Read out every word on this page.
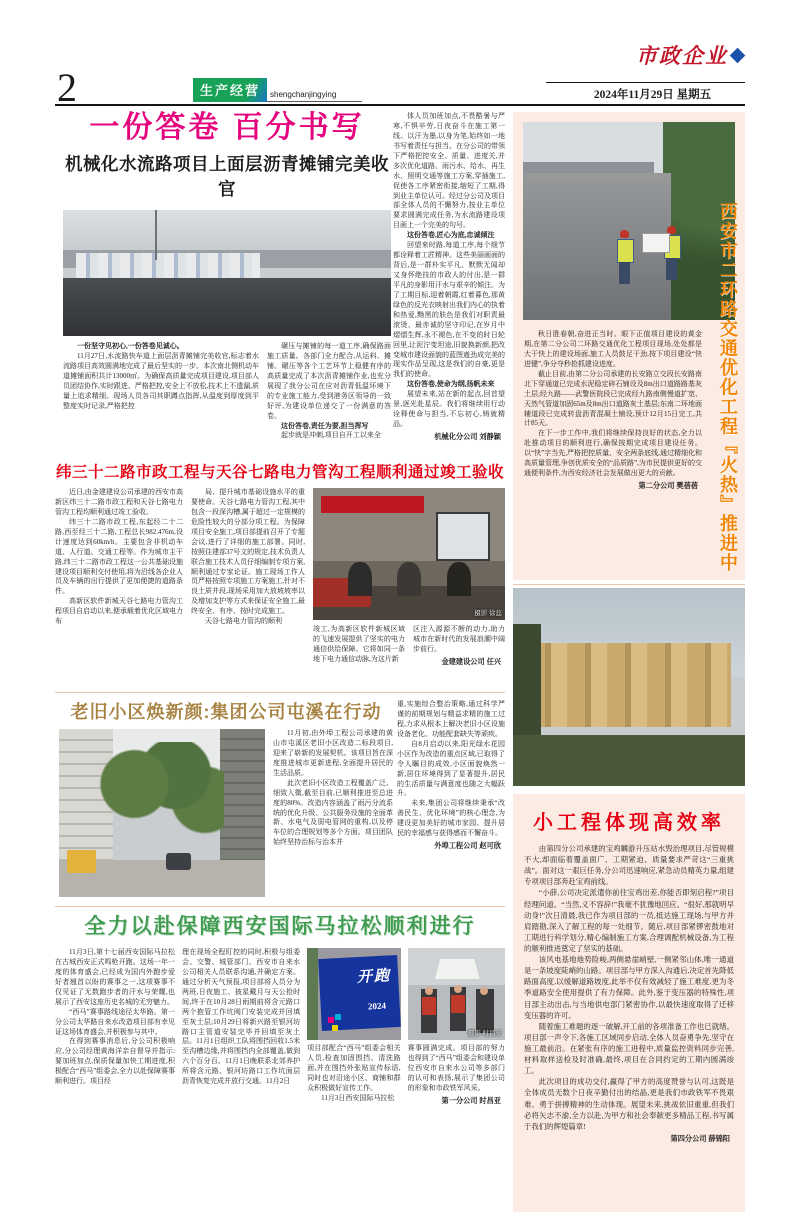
2	生产经营	shengchanjingying
市政企业
2024年11月29日 星期五
一份答卷 百分书写
机械化水流路项目上面层沥青摊铺完美收官

一份坚守见初心,一份答卷见诚心。

11月27日,水流路快车道上面层沥青摊铺完美收官,标志着水流路项目高效圆满地完成了最后坚实的一步。本次南北侧机动车道摊铺面积共计13000㎡。为确保高质量完成项目建设,项目部人员团结协作,实时跟进、严格把控,安全上不放松,技术上不遗漏,质量上追求精细。现场人员各司其职蹲点指挥,从温度到厚度到平整度实时记录,严格把控

碾压与摊铺的每一道工序,确保路面施工质量。各部门全力配合,从运料、摊铺、碾压等各个工艺环节上稳健有序的高质量完成了本次沥青摊铺作业,也充分展现了我分公司在应对沥青低温环境下的专业施工能力,受到港务区领导的一致好评,为建设单位递交了一份满意的答卷。

这份答卷,责任为要,担当挥写

起步就是冲刺,项目自开工以来全

体人员加班加点,不畏酷暑与严寒,不惧辛劳,日夜奋斗在施工第一线。以汗为墨,以身为笔,始终如一地书写着责任与担当。在分公司的带领下严格把控安全、质量、进度关,并多次优化道路、雨污水、给水、再生水、照明交通等施工方案,穿插施工,促使各工序紧密衔接,缩短了工期,得到业主单位认可。经过分公司及项目部全体人员的不懈努力,按业主单位要求圆满完成任务,为水流路建设项目画上一个完美的句号。

这份答卷,匠心为底,忠诚倾注

回望来时路,每道工序,每个细节都诠释着工匠精神。这些美丽画面的背后,是一群朴实平凡、默默无闻却又身怀绝技的市政人的付出,是一群平凡的身影用汗水与艰辛的倾注。为了工期目标,迎着朝霞,红着暮色,那黄绿色的反光衣映射出我们内心的执着和热爱,黝黑的肤色是我们对职责最滚烫、最赤诚的坚守印记,在岁月中熠熠生辉,永不褪色,在不变的时日轮回里,让泥泞变坦途,旧貌换新颜,把改变城市建设面貌的蓝图遒劲成完美的现实作品呈现,这是我们的自豪,更是我们的使命。

这份答卷,使命为纲,扬帆未来

展望未来,站在新的起点,回首望景,逐光赴星辰。我们将继续用行动诠释使命与担当,不忘初心,铸就精品。

机械化分公司 刘静颖

秋日胜春朝,奋进正当时。眼下正值项目建设的黄金期,在第二分公司二环路交通优化工程项目现场,处处都是大干快上的建设场面,施工人员鼓足干劲,按下项目建设“快进键”,争分夺秒抢抓建设进度。

截止目前,由第二分公司承建的长安路立交段长安路南北下穿通道已完成水泥稳定碎石铺设及8m出口道路路基灰土层;经九路——武警医院段已完成经九路南侧慢道扩宽、天然气管道加固65m及8m出口道路灰土基层;东南二环地面辅道段已完成转盘沥青混凝土铺设,预计12月15日完工,共计85天。

在下一步工作中,我们将继续保持良好的状态,全力以赴推动项目的顺利进行,确保按期完成项目建设任务。以“快”字当先,严格把控质量、安全两条底线,通过精细化和高质量管理,争创优质安全的“品质路”,为市民提供更好的交通便利条件,为西安经济社会发展做出更大的贡献。

第二分公司 樊蓓蓓 西安市二环路交通优化工程『火热』推进中
纬三十二路市政工程与天谷七路电力管沟工程顺利通过竣工验收

近日,由金建建设公司承建的西安市高新区纬三十二路市政工程和天谷七路电力管沟工程均顺利通过竣工验收。

纬三十二路市政工程,东起经二十二路,西至经三十二路,工程总长982.476m,设计速度达到60km/h。主要包含非机动车道、人行道、交通工程等。作为城市主干路,纬三十二路市政工程这一公共基础设施建设项目顺利交付使用,将为沿线各企业人员及车辆的出行提供了更加便捷的道路条件。

高新区软件新城天谷七路电力管沟工程项目自启动以来,便承载着优化区域电力布

局、提升城市基础设施水平的重要使命。天谷七路电力管沟工程,其中包含一段深沟槽,属于超过一定规模的危险性较大的分部分项工程。为保障项目安全施工,项目部提前召开了专题会议,进行了详细的施工部署。同时,按照住建部37号文的规定,技术负责人联合施工技术人员仔细编制专项方案,顺利通过专家论证。施工现场工作人员严格按照专项施工方案施工,针对不良土质井段,现场采用加大放坡坡率以及增加支护等方式来保证安全施工,最终安全、有序、按时完成施工。

天谷七路电力管沟的顺利

摄影 徐蕊

竣工,为高新区软件新城区域的飞速发展提供了坚实的电力通信供给保障。它将如同一条地下电力通信动脉,为这片新

区注入源源不断的动力,助力城市在新时代的发展浪潮中阔步前行。

金建建设公司 任兴
老旧小区焕新颜:集团公司屯溪在行动

11月初,由外埠工程公司承建的黄山市屯溪区老旧小区改造二标段项目,迎来了崭新的发展契机。该项目旨在深度推进城市更新进程,全面提升居民的生活品质。

此次老旧小区改造工程覆盖广泛、细致入微,截至目前,已顺利推进至总进度的80%。改造内容涵盖了雨污分流系统的优化升级、公共服务设施的全面革新、水电气及弱电管网的重构,以及停车位的合理规划等多个方面。项目团队始终坚持治标与治本并

重,实施综合整治策略,通过科学严谨的前期规划与精益求精的施工过程,力求从根本上解决老旧小区设施设备老化、功能配套缺失等顽疾。

自8月启动以来,阳光绿水花园小区作为改造的重点区域,已取得了令人瞩目的成效,小区面貌焕然一新,居住环境得到了显著提升,居民的生活质量与满意度也随之大幅跃升。

未来,集团公司将继续秉承“改善民生、优化环境”的核心理念,为建设更加美好的城市家园、提升居民的幸福感与获得感而不懈奋斗。

外埠工程公司 赵可欣
全力以赴保障西安国际马拉松顺利进行

11月3日,第十七届西安国际马拉松在古城西安正式鸣枪开跑。这场一年一度的体育盛会,已经成为国内外跑步爱好者翘首以盼的赛事之一,这项赛事不仅见证了无数跑步者的汗水与荣耀,也展示了西安这座历史名城的无穷魅力。

“西马”赛事路线途径太华路。第一分公司太华路自来水改造项目部有幸见证这场体育盛会,并积极参与其中。

在得到赛事消息后,分公司积极响应,分公司经理黄海洋亲自督导并指示:要加班加点,保质保量加快工期进度,积极配合“西马”组委会,全力以赴保障赛事顺利进行。项目经

理在现场全程盯控的同时,积极与组委会、交警、城管部门、西安市自来水公司相关人员联系沟通,并确定方案。通过分析天气预报,项目部将人员分为两班,日夜施工、披星戴月与天公抢时间,终于在10月28日雨期前将含元路口两个抱管工作坑阀门安装完成并回填至灰土层;10月29日将新兴路至银河坊路口主管道安装完毕并回填至灰土层。11月1日组织工队将围挡回收1.5米至沟槽边缘,并将围挡内全部覆盖,做到六个百分百。11月1日晚联系北郊养护所将含元路、银河坊路口工作坑面层沥青恢复完成并放行交通。11月2日

开跑
2024

项目部配合“西马”组委会相关人员,检查加固围挡、清洗路面,并在围挡外张贴宣传标语,同时也对沿途小区、商铺和群众积极做好宣传工作。

11月3日西安国际马拉松

摄影 时昌亚

赛事圆满完成。项目部的努力也得到了“西马”组委会和建设单位西安市自来水公司等多部门的认可和表扬,展示了集团公司的形象和市政铁军风采。

第一分公司 时昌亚
小工程体现高效率

由第四分公司承建的宝鸡麟游升压站水毁治理项目,尽管规模不大,却面临着覆盖面广、工期紧迫、质量要求严苛这“三重挑战”。面对这一艰巨任务,分公司迅速响应,紧急动员精英力量,组建专项项目部奔赴宝鸡前线。

“小薛,公司决定派遣你前往宝鸡出差,你能否即刻启程?”项目经理问道。“当然,义不容辞!”我毫不犹豫地回应。“很好,那就明早动身!”次日清晨,我已作为项目部的一员,抵达施工现场,与甲方并肩踏勘,深入了解工程的每一处细节。随后,项目部紧锣密鼓地对工期进行科学划分,精心编制施工方案,合理调配机械设备,为工程的顺利推进奠定了坚实的基础。

该风电基地地势险峻,两侧悬崖峭壁,一侧紧邻山体,唯一通道是一条坡度陡峭的山路。项目部与甲方深入沟通后,决定首先降低路面高度,以缓解道路坡度,此举不仅有效减轻了施工难度,更为冬季道路安全使用提供了有力保障。此外,鉴于变压器的特殊性,项目部主动出击,与当地供电部门紧密协作,以最快速度取得了迁移变压器的许可。

随着施工难题的逐一破解,开工前的各项准备工作也已就绪。项目部一声令下,各施工区域同步启动,全体人员奋勇争先,坚守在施工最前沿。在紧张有序的施工进程中,质量监控资料同步完善,材料取样送检及时准确,最终,项目在合同约定的工期内圆满竣工。

此次项目的成功交付,赢得了甲方的高度赞誉与认可,这既是全体成员无数个日夜辛勤付出的结晶,更是我们市政铁军不畏艰难、勇于拼搏精神的生动体现。展望未来,挑战依旧重重,但我们必将矢志不渝,全力以赴,为甲方和社会奉献更多精品工程,书写属于我们的辉煌篇章!

第四分公司 薛锦阳
